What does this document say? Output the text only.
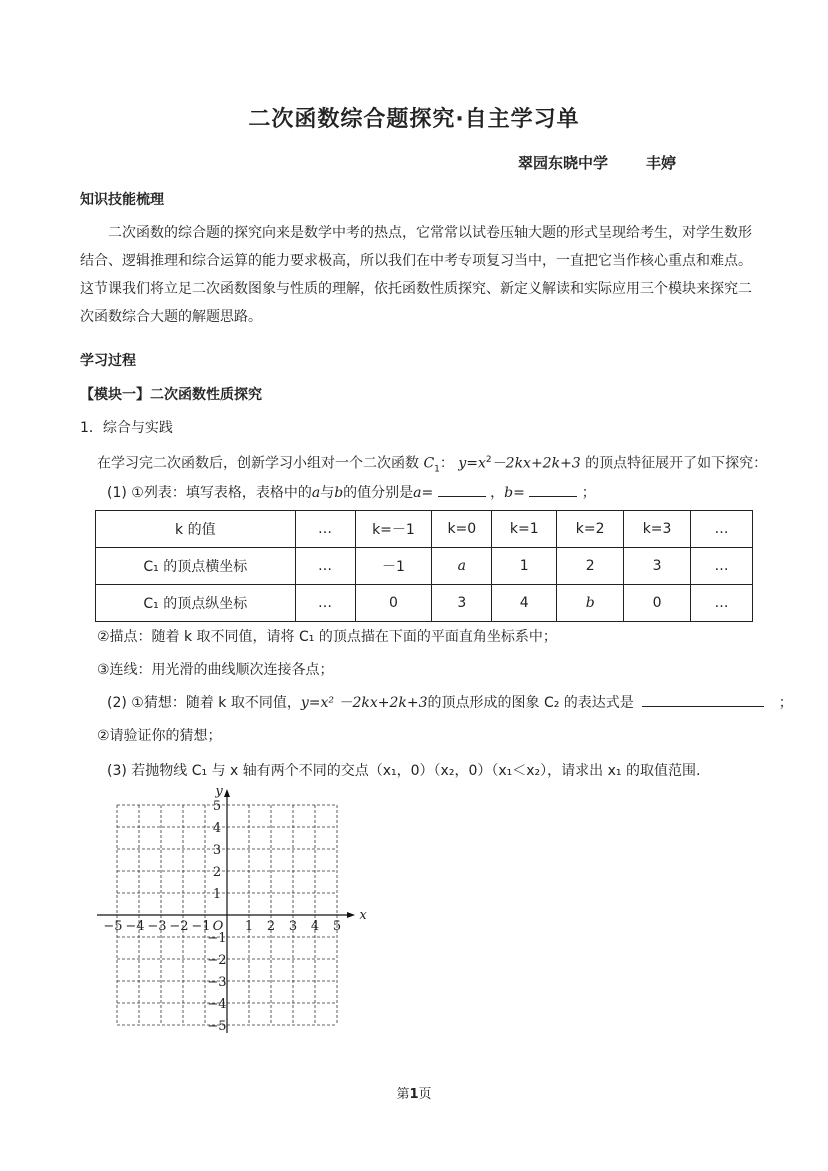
二次函数综合题探究·自主学习单
翠园东晓中学	丰婷
知识技能梳理

二次函数的综合题的探究向来是数学中考的热点，它常常以试卷压轴大题的形式呈现给考生，对学生数形结合、逻辑推理和综合运算的能力要求极高，所以我们在中考专项复习当中，一直把它当作核心重点和难点。这节课我们将立足二次函数图象与性质的理解，依托函数性质探究、新定义解读和实际应用三个模块来探究二次函数综合大题的解题思路。

学习过程
【模块一】二次函数性质探究
1．综合与实践
在学习完二次函数后，创新学习小组对一个二次函数 $C_1$： $y=x^2-2kx+2k+3$ 的顶点特征展开了如下探究：
(1) ①列表：填写表格，表格中的a与b的值分别是a=	，b=	；
k 的值	…	k=－1	k=0	k=1	k=2	k=3	…
C₁ 的顶点横坐标	…	－1	a	1	2	3	…
C₁ 的顶点纵坐标	…	0	3	4	b	0	…
②描点：随着 k 取不同值，请将 C₁ 的顶点描在下面的平面直角坐标系中；
③连线：用光滑的曲线顺次连接各点；
(2) ①猜想：随着 k 取不同值，y=x² －2kx+2k+3的顶点形成的图象 C₂ 的表达式是	；
②请验证你的猜想；
(3) 若抛物线 C₁ 与 x 轴有两个不同的交点（x₁，0）（x₂，0）（x₁＜x₂），请求出 x₁ 的取值范围.
−5 −4 −3 −2 −1	1 2 3 4 5
5
4
3
2
1
−1
−2
−3
−4
−5
O
x
y
第1页
